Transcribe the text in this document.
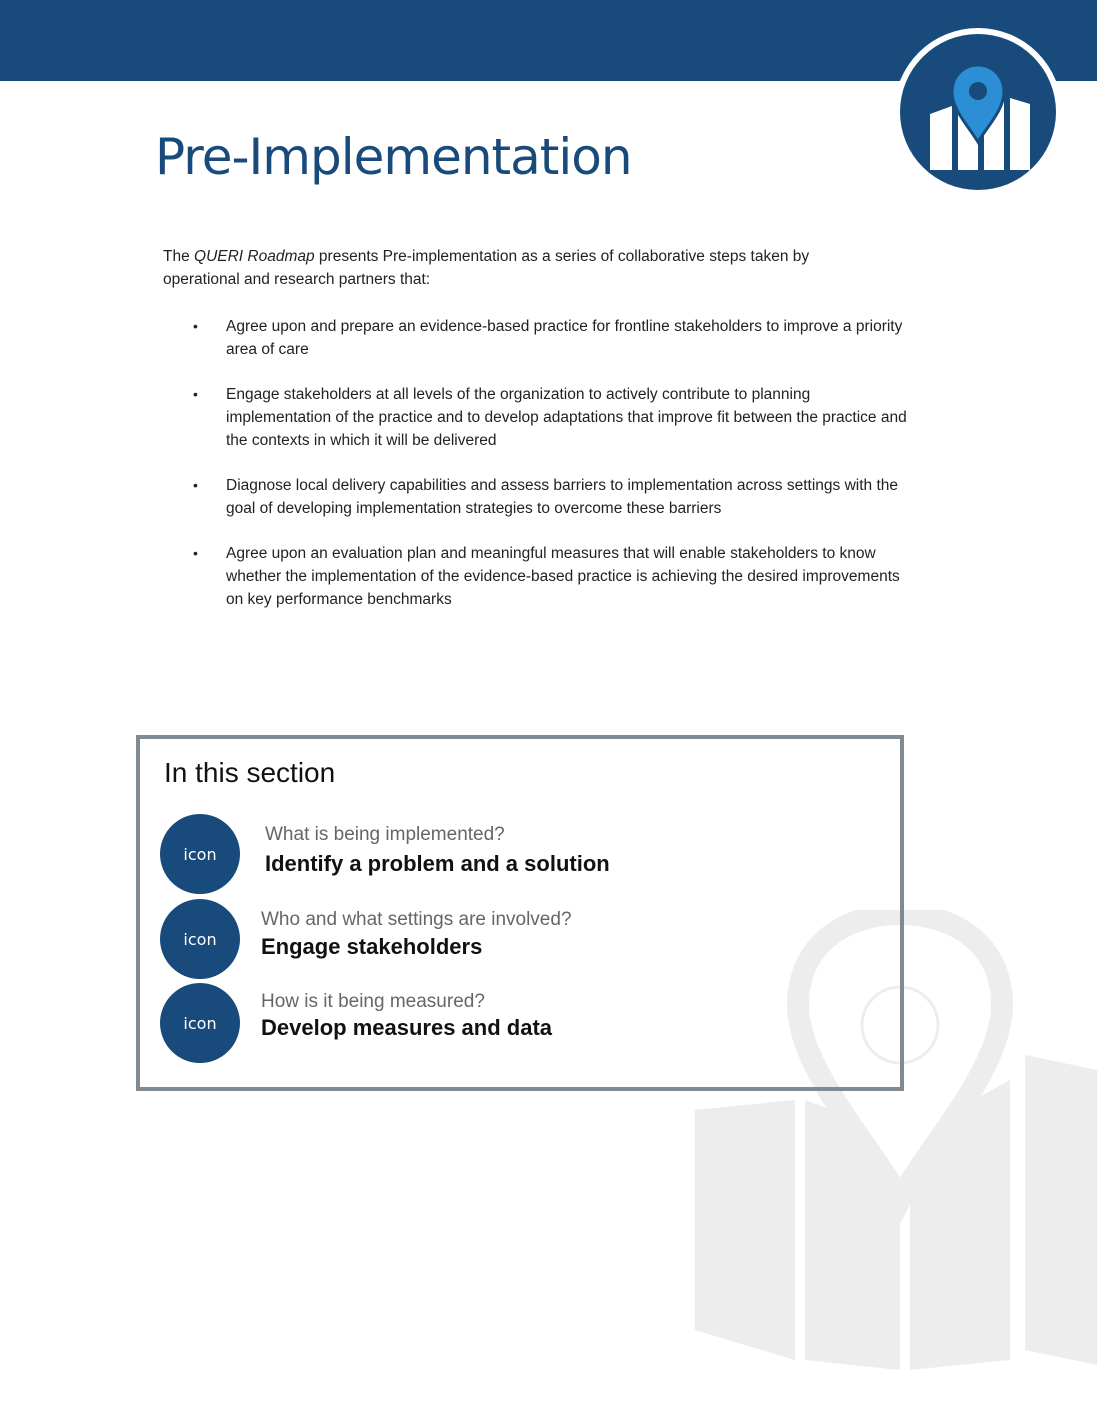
Pre-Implementation

The QUERI Roadmap presents Pre-implementation as a series of collaborative steps taken by operational and research partners that:

• Agree upon and prepare an evidence-based practice for frontline stakeholders to improve a priority area of care
• Engage stakeholders at all levels of the organization to actively contribute to planning implementation of the practice and to develop adaptations that improve fit between the practice and the contexts in which it will be delivered
• Diagnose local delivery capabilities and assess barriers to implementation across settings with the goal of developing implementation strategies to overcome these barriers
• Agree upon an evaluation plan and meaningful measures that will enable stakeholders to know whether the implementation of the evidence-based practice is achieving the desired improvements on key performance benchmarks
In this section
icon
What is being implemented?
Identify a problem and a solution
icon
Who and what settings are involved?
Engage stakeholders
icon
How is it being measured?
Develop measures and data
